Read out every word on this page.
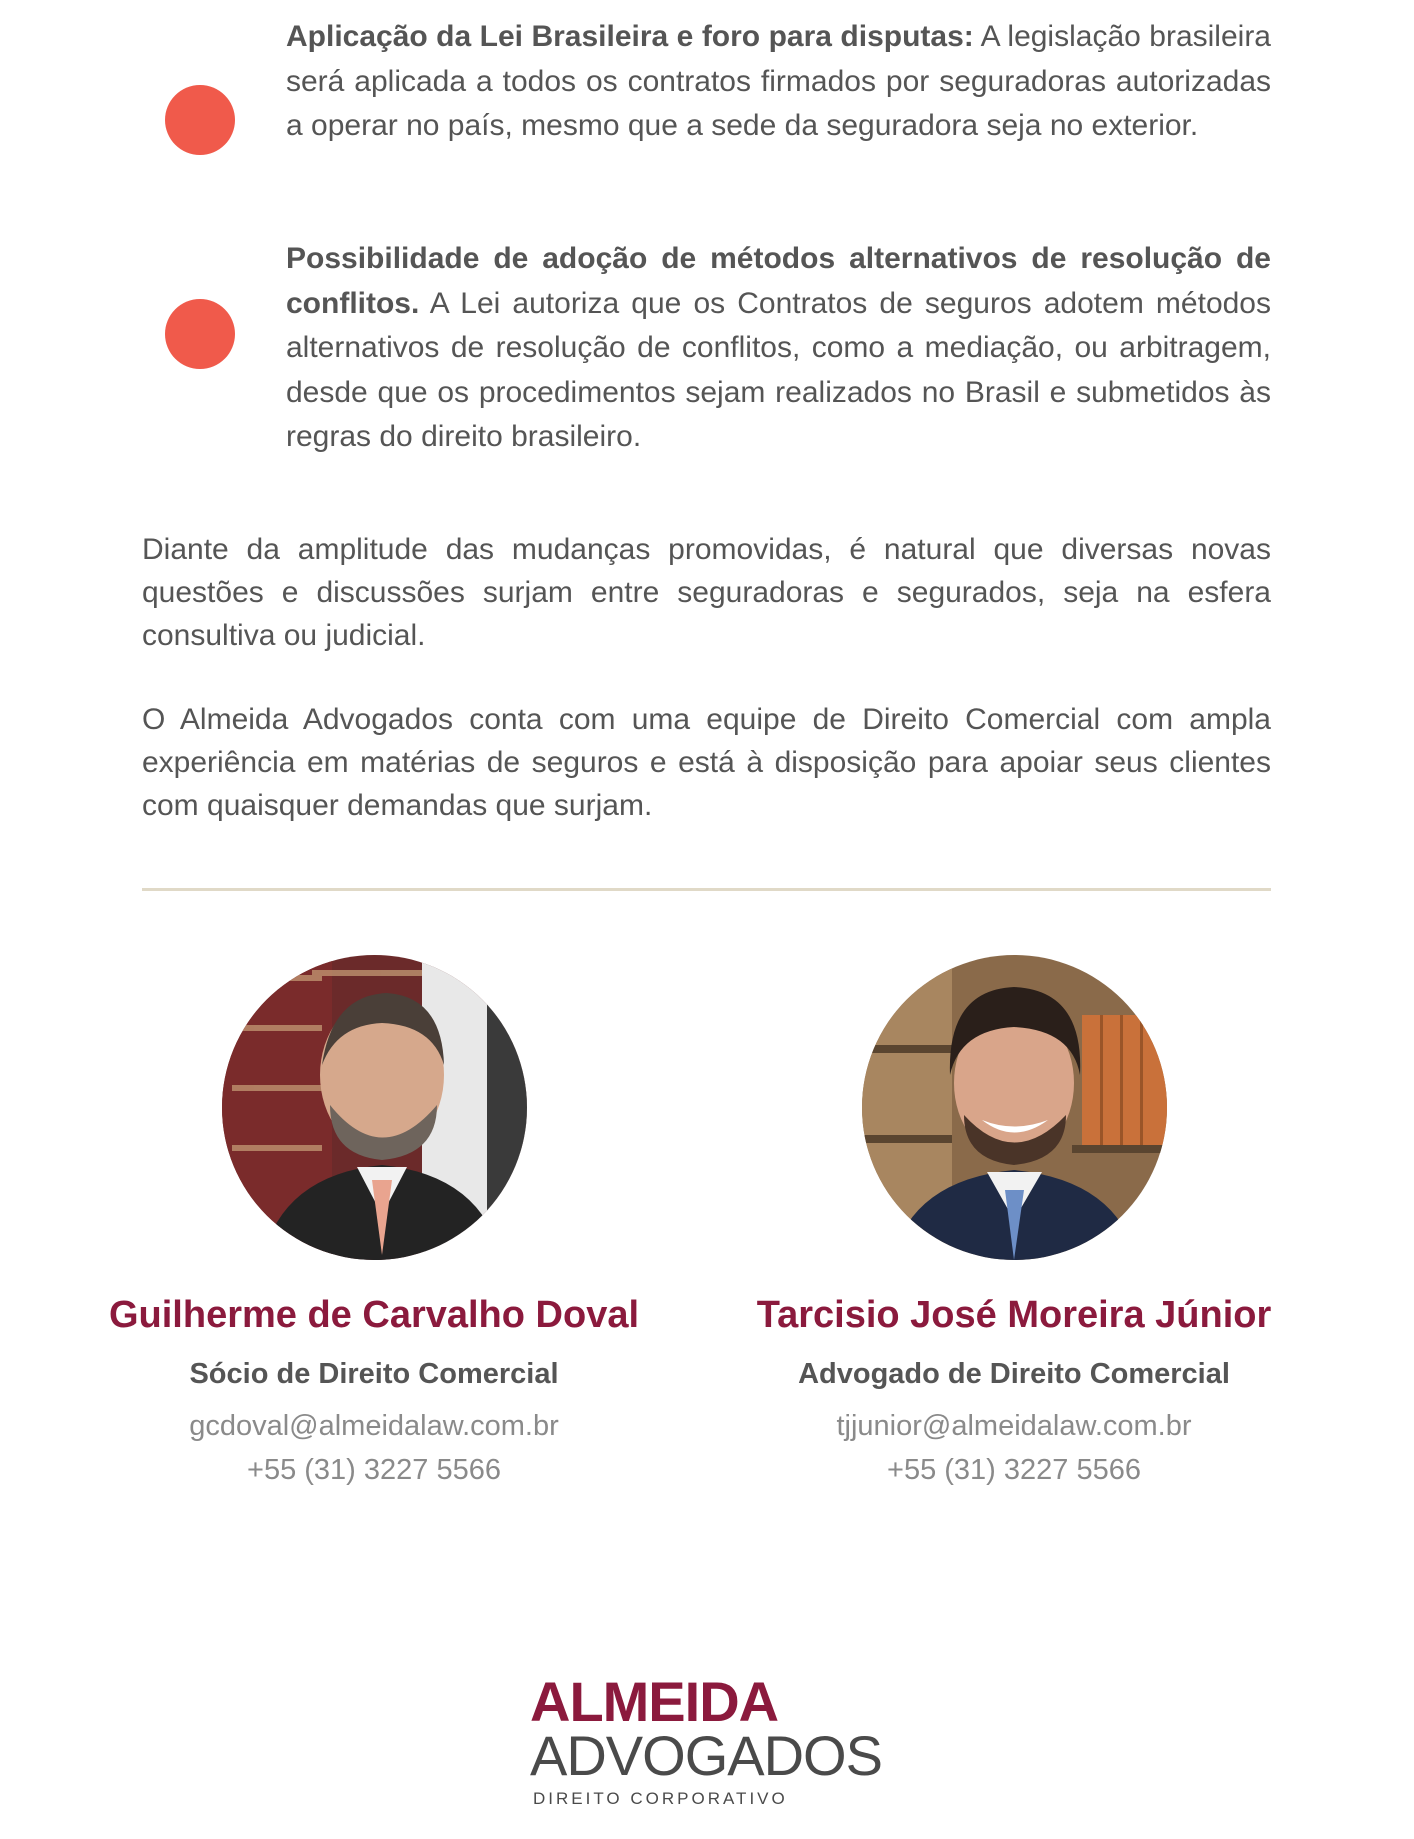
Aplicação da Lei Brasileira e foro para disputas: A legislação brasileira será aplicada a todos os contratos firmados por seguradoras autorizadas a operar no país, mesmo que a sede da seguradora seja no exterior.

Possibilidade de adoção de métodos alternativos de resolução de conflitos. A Lei autoriza que os Contratos de seguros adotem métodos alternativos de resolução de conflitos, como a mediação, ou arbitragem, desde que os procedimentos sejam realizados no Brasil e submetidos às regras do direito brasileiro.

Diante da amplitude das mudanças promovidas, é natural que diversas novas questões e discussões surjam entre seguradoras e segurados, seja na esfera consultiva ou judicial.

O Almeida Advogados conta com uma equipe de Direito Comercial com ampla experiência em matérias de seguros e está à disposição para apoiar seus clientes com quaisquer demandas que surjam.

Guilherme de Carvalho Doval
Sócio de Direito Comercial
gcdoval@almeidalaw.com.br
+55 (31) 3227 5566
Tarcisio José Moreira Júnior
Advogado de Direito Comercial
tjjunior@almeidalaw.com.br
+55 (31) 3227 5566
ALMEIDA
ADVOGADOS
DIREITO CORPORATIVO
